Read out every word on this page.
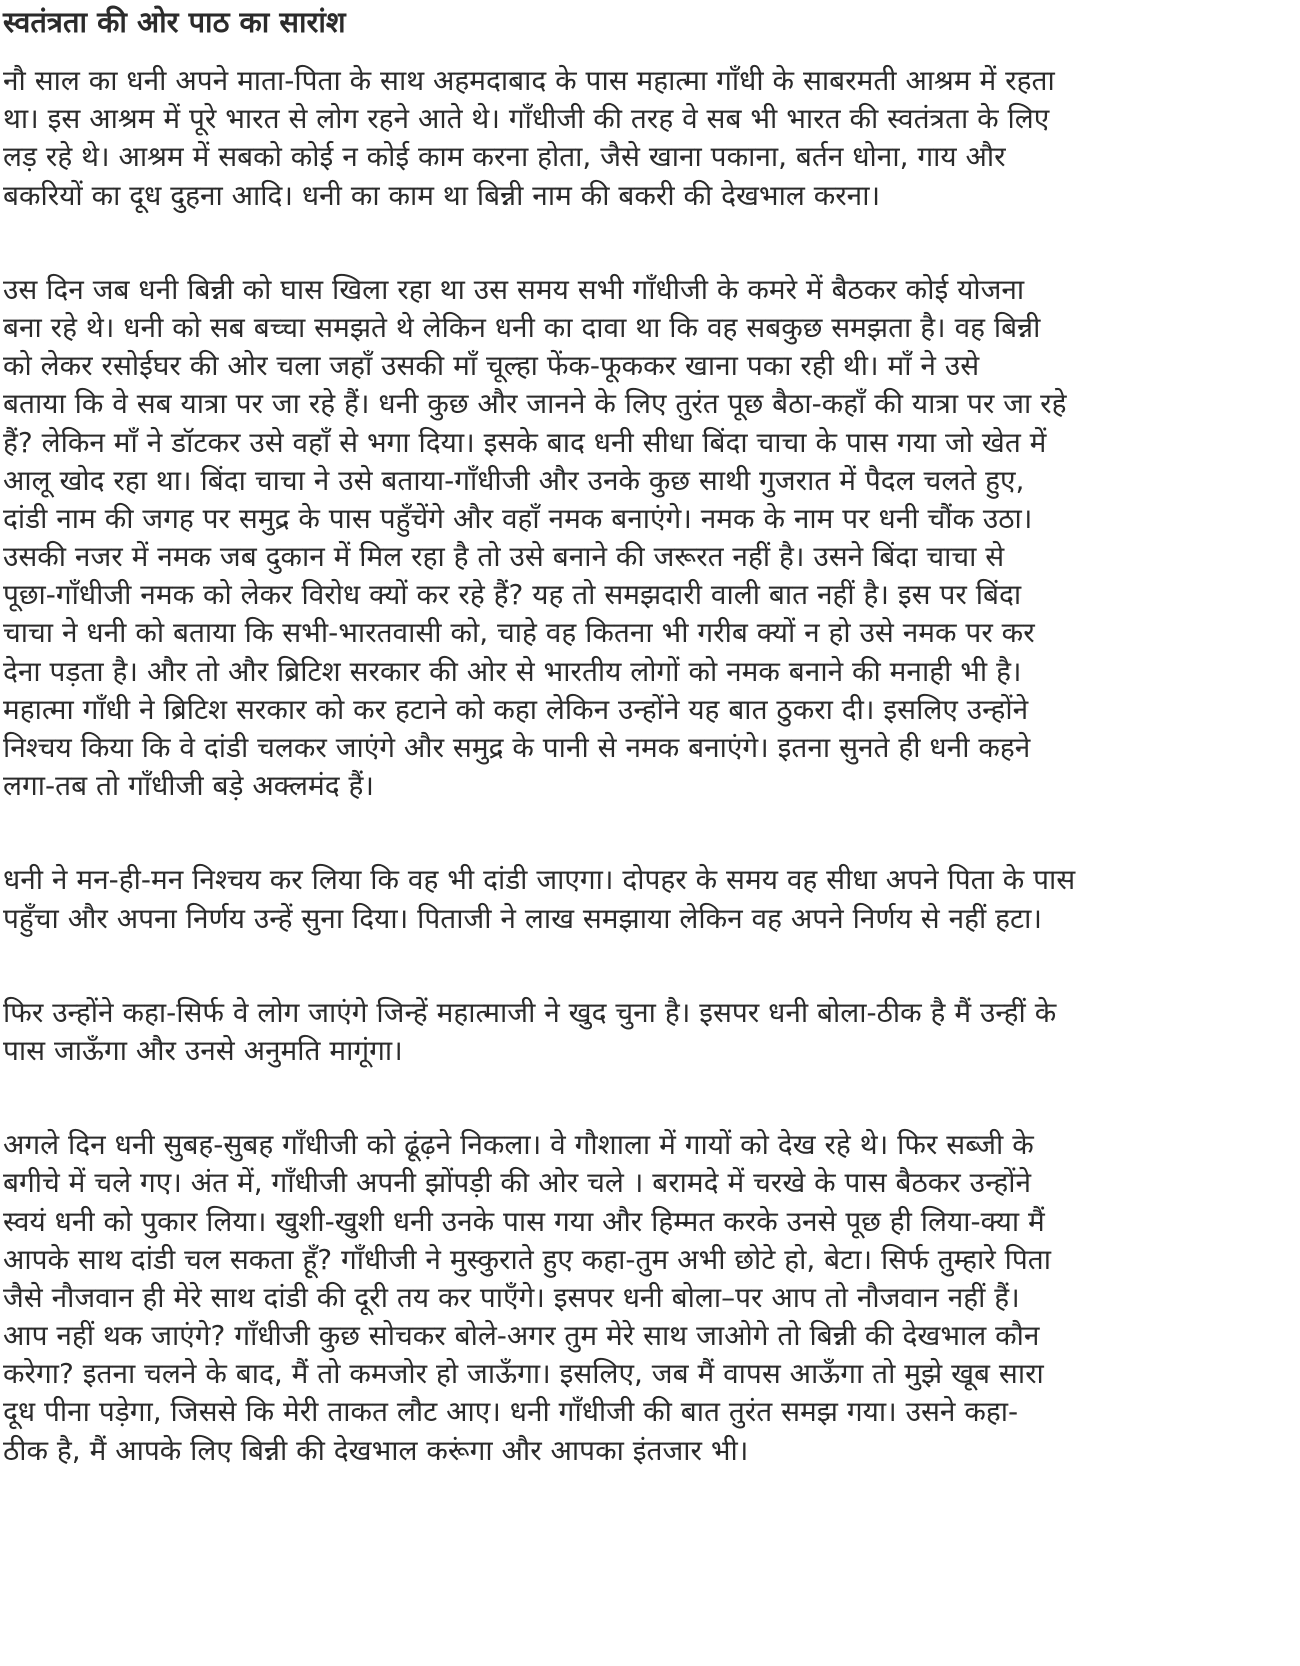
स्वतंत्रता की ओर पाठ का सारांश
नौ साल का धनी अपने माता-पिता के साथ अहमदाबाद के पास महात्मा गाँधी के साबरमती आश्रम में रहता
था। इस आश्रम में पूरे भारत से लोग रहने आते थे। गाँधीजी की तरह वे सब भी भारत की स्वतंत्रता के लिए
लड़ रहे थे। आश्रम में सबको कोई न कोई काम करना होता, जैसे खाना पकाना, बर्तन धोना, गाय और
बकरियों का दूध दुहना आदि। धनी का काम था बिन्नी नाम की बकरी की देखभाल करना।
उस दिन जब धनी बिन्नी को घास खिला रहा था उस समय सभी गाँधीजी के कमरे में बैठकर कोई योजना
बना रहे थे। धनी को सब बच्चा समझते थे लेकिन धनी का दावा था कि वह सबकुछ समझता है। वह बिन्नी
को लेकर रसोईघर की ओर चला जहाँ उसकी माँ चूल्हा फेंक-फूककर खाना पका रही थी। माँ ने उसे
बताया कि वे सब यात्रा पर जा रहे हैं। धनी कुछ और जानने के लिए तुरंत पूछ बैठा-कहाँ की यात्रा पर जा रहे
हैं? लेकिन माँ ने डॉटकर उसे वहाँ से भगा दिया। इसके बाद धनी सीधा बिंदा चाचा के पास गया जो खेत में
आलू खोद रहा था। बिंदा चाचा ने उसे बताया-गाँधीजी और उनके कुछ साथी गुजरात में पैदल चलते हुए,
दांडी नाम की जगह पर समुद्र के पास पहुँचेंगे और वहाँ नमक बनाएंगे। नमक के नाम पर धनी चौंक उठा।
उसकी नजर में नमक जब दुकान में मिल रहा है तो उसे बनाने की जरूरत नहीं है। उसने बिंदा चाचा से
पूछा-गाँधीजी नमक को लेकर विरोध क्यों कर रहे हैं? यह तो समझदारी वाली बात नहीं है। इस पर बिंदा
चाचा ने धनी को बताया कि सभी-भारतवासी को, चाहे वह कितना भी गरीब क्यों न हो उसे नमक पर कर
देना पड़ता है। और तो और ब्रिटिश सरकार की ओर से भारतीय लोगों को नमक बनाने की मनाही भी है।
महात्मा गाँधी ने ब्रिटिश सरकार को कर हटाने को कहा लेकिन उन्होंने यह बात ठुकरा दी। इसलिए उन्होंने
निश्चय किया कि वे दांडी चलकर जाएंगे और समुद्र के पानी से नमक बनाएंगे। इतना सुनते ही धनी कहने
लगा-तब तो गाँधीजी बड़े अक्लमंद हैं।
धनी ने मन-ही-मन निश्चय कर लिया कि वह भी दांडी जाएगा। दोपहर के समय वह सीधा अपने पिता के पास
पहुँचा और अपना निर्णय उन्हें सुना दिया। पिताजी ने लाख समझाया लेकिन वह अपने निर्णय से नहीं हटा।
फिर उन्होंने कहा-सिर्फ वे लोग जाएंगे जिन्हें महात्माजी ने खुद चुना है। इसपर धनी बोला-ठीक है मैं उन्हीं के
पास जाऊँगा और उनसे अनुमति मागूंगा।
अगले दिन धनी सुबह-सुबह गाँधीजी को ढूंढ़ने निकला। वे गौशाला में गायों को देख रहे थे। फिर सब्जी के
बगीचे में चले गए। अंत में, गाँधीजी अपनी झोंपड़ी की ओर चले । बरामदे में चरखे के पास बैठकर उन्होंने
स्वयं धनी को पुकार लिया। खुशी-खुशी धनी उनके पास गया और हिम्मत करके उनसे पूछ ही लिया-क्या मैं
आपके साथ दांडी चल सकता हूँ? गाँधीजी ने मुस्कुराते हुए कहा-तुम अभी छोटे हो, बेटा। सिर्फ तुम्हारे पिता
जैसे नौजवान ही मेरे साथ दांडी की दूरी तय कर पाएँगे। इसपर धनी बोला–पर आप तो नौजवान नहीं हैं।
आप नहीं थक जाएंगे? गाँधीजी कुछ सोचकर बोले-अगर तुम मेरे साथ जाओगे तो बिन्नी की देखभाल कौन
करेगा? इतना चलने के बाद, मैं तो कमजोर हो जाऊँगा। इसलिए, जब मैं वापस आऊँगा तो मुझे खूब सारा
दूध पीना पड़ेगा, जिससे कि मेरी ताकत लौट आए। धनी गाँधीजी की बात तुरंत समझ गया। उसने कहा-
ठीक है, मैं आपके लिए बिन्नी की देखभाल करूंगा और आपका इंतजार भी।
